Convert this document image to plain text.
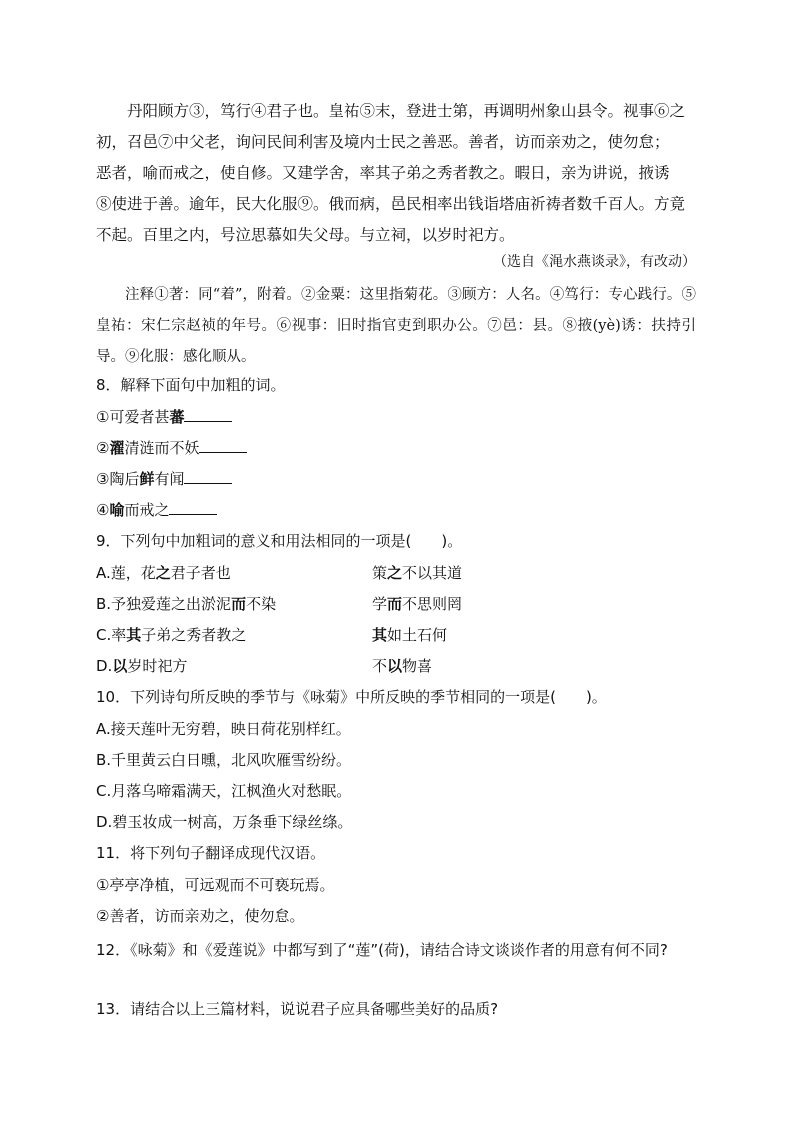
丹阳顾方③，笃行④君子也。皇祐⑤末，登进士第，再调明州象山县令。视事⑥之
初，召邑⑦中父老，询问民间利害及境内士民之善恶。善者，访而亲劝之，使勿怠；
恶者，喻而戒之，使自修。又建学舍，率其子弟之秀者教之。暇日，亲为讲说，掖诱
⑧使进于善。逾年，民大化服⑨。俄而病，邑民相率出钱诣塔庙祈祷者数千百人。方竟
不起。百里之内，号泣思慕如失父母。与立祠，以岁时祀方。
（选自《渑水燕谈录》，有改动）
注释①著：同“着”，附着。②金粟：这里指菊花。③顾方：人名。④笃行：专心践行。⑤皇祐：宋仁宗赵祯的年号。⑥视事：旧时指官吏到职办公。⑦邑：县。⑧掖(yè)诱：扶持引导。⑨化服：感化顺从。
8．解释下面句中加粗的词。
①可爱者甚蕃
②濯清涟而不妖
③陶后鲜有闻
④喻而戒之
9．下列句中加粗词的意义和用法相同的一项是(　　)。
A.莲，花之君子者也	策之不以其道
B.予独爱莲之出淤泥而不染	学而不思则罔
C.率其子弟之秀者教之	其如土石何
D.以岁时祀方	不以物喜
10．下列诗句所反映的季节与《咏菊》中所反映的季节相同的一项是(　　)。
A.接天莲叶无穷碧，映日荷花别样红。
B.千里黄云白日曛，北风吹雁雪纷纷。
C.月落乌啼霜满天，江枫渔火对愁眠。
D.碧玉妆成一树高，万条垂下绿丝绦。
11．将下列句子翻译成现代汉语。
①亭亭净植，可远观而不可亵玩焉。
②善者，访而亲劝之，使勿怠。
12．《咏菊》和《爱莲说》中都写到了“莲”(荷)，请结合诗文谈谈作者的用意有何不同?
13．请结合以上三篇材料，说说君子应具备哪些美好的品质?
